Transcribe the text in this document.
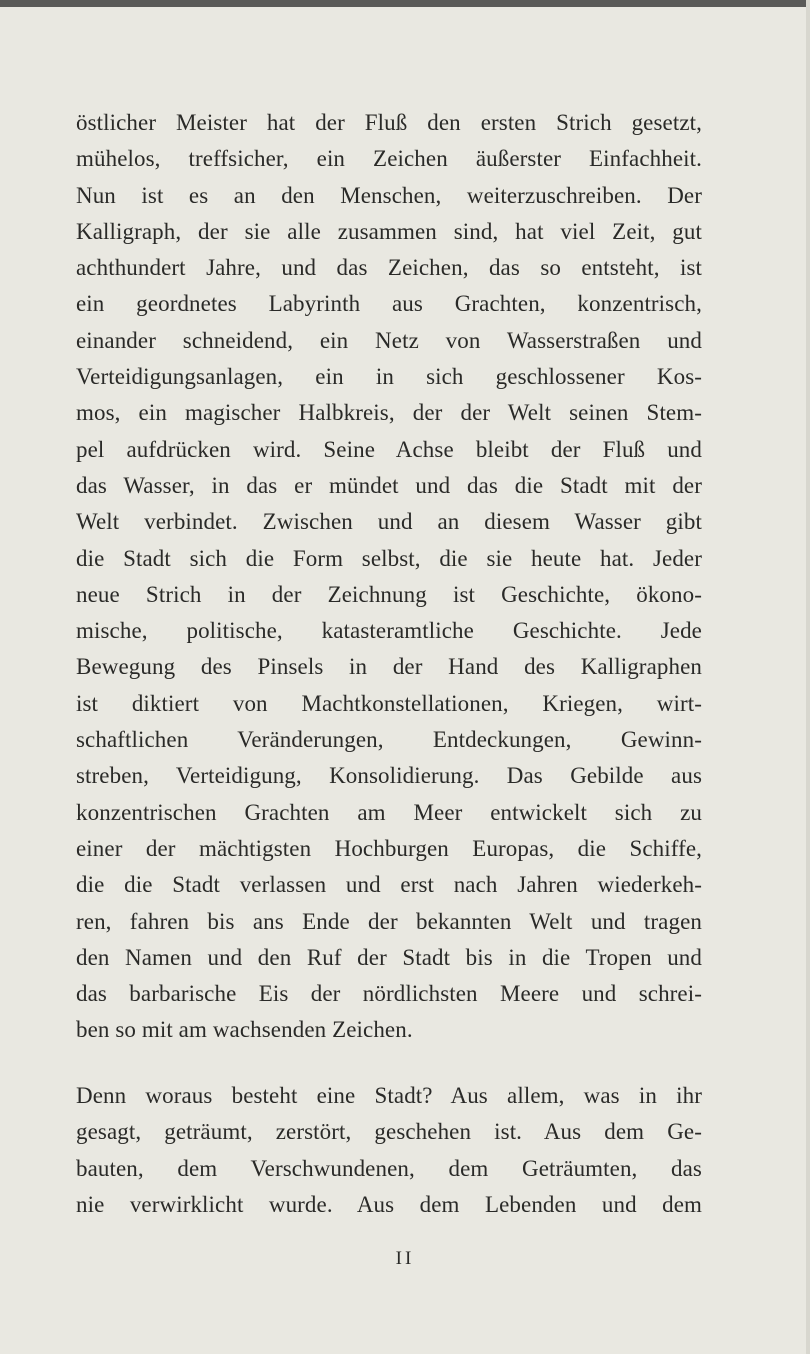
östlicher Meister hat der Fluß den ersten Strich gesetzt,
mühelos, treffsicher, ein Zeichen äußerster Einfachheit.
Nun ist es an den Menschen, weiterzuschreiben. Der
Kalligraph, der sie alle zusammen sind, hat viel Zeit, gut
achthundert Jahre, und das Zeichen, das so entsteht, ist
ein geordnetes Labyrinth aus Grachten, konzentrisch,
einander schneidend, ein Netz von Wasserstraßen und
Verteidigungsanlagen, ein in sich geschlossener Kos-
mos, ein magischer Halbkreis, der der Welt seinen Stem-
pel aufdrücken wird. Seine Achse bleibt der Fluß und
das Wasser, in das er mündet und das die Stadt mit der
Welt verbindet. Zwischen und an diesem Wasser gibt
die Stadt sich die Form selbst, die sie heute hat. Jeder
neue Strich in der Zeichnung ist Geschichte, ökono-
mische, politische, katasteramtliche Geschichte. Jede
Bewegung des Pinsels in der Hand des Kalligraphen
ist diktiert von Machtkonstellationen, Kriegen, wirt-
schaftlichen Veränderungen, Entdeckungen, Gewinn-
streben, Verteidigung, Konsolidierung. Das Gebilde aus
konzentrischen Grachten am Meer entwickelt sich zu
einer der mächtigsten Hochburgen Europas, die Schiffe,
die die Stadt verlassen und erst nach Jahren wiederkeh-
ren, fahren bis ans Ende der bekannten Welt und tragen
den Namen und den Ruf der Stadt bis in die Tropen und
das barbarische Eis der nördlichsten Meere und schrei-
ben so mit am wachsenden Zeichen.
Denn woraus besteht eine Stadt? Aus allem, was in ihr
gesagt, geträumt, zerstört, geschehen ist. Aus dem Ge-
bauten, dem Verschwundenen, dem Geträumten, das
nie verwirklicht wurde. Aus dem Lebenden und dem
II
